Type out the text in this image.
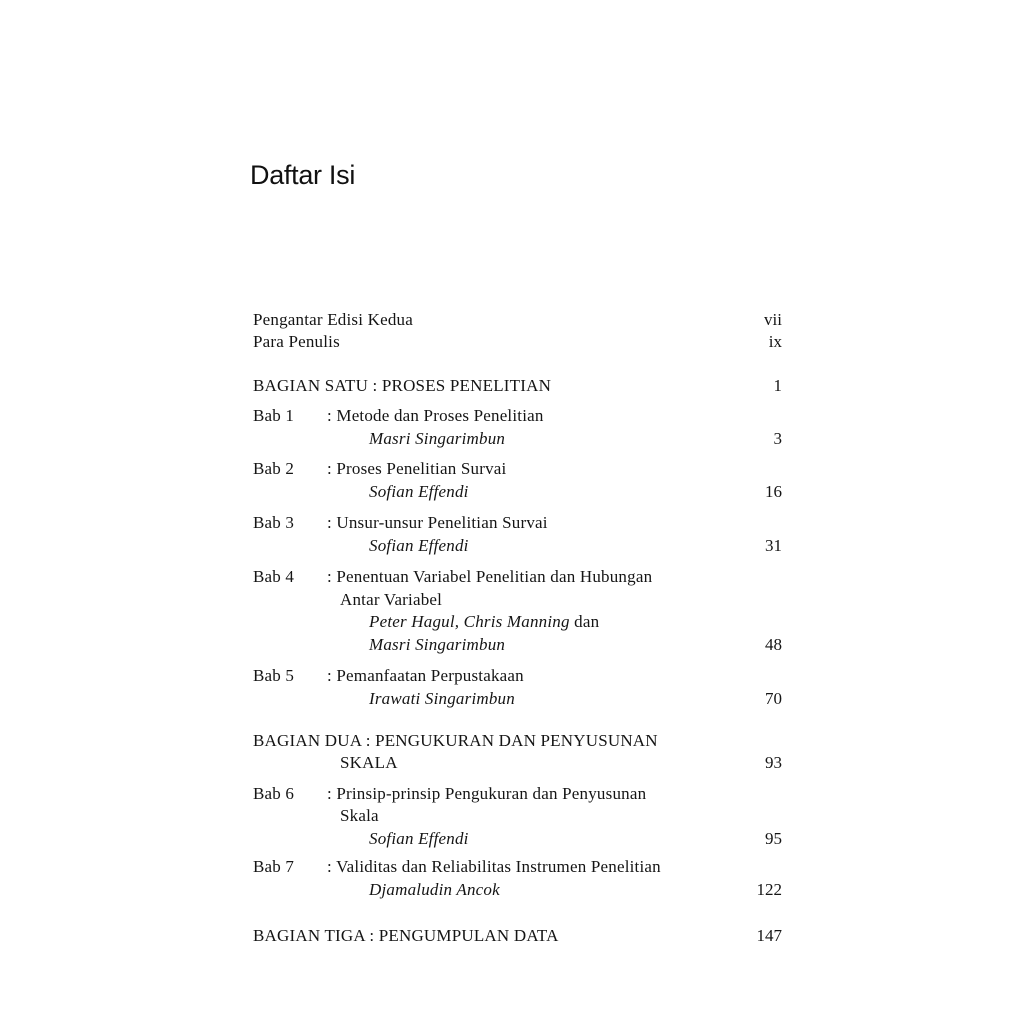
Daftar Isi
Pengantar Edisi Kedua	vii
Para Penulis	ix
BAGIAN SATU : PROSES PENELITIAN	1
Bab 1 : Metode dan Proses Penelitian
Masri Singarimbun	3
Bab 2 : Proses Penelitian Survai
Sofian Effendi	16
Bab 3 : Unsur-unsur Penelitian Survai
Sofian Effendi	31
Bab 4 : Penentuan Variabel Penelitian dan Hubungan
Antar Variabel
Peter Hagul, Chris Manning dan
Masri Singarimbun	48
Bab 5 : Pemanfaatan Perpustakaan
Irawati Singarimbun	70
BAGIAN DUA : PENGUKURAN DAN PENYUSUNAN
SKALA	93
Bab 6 : Prinsip-prinsip Pengukuran dan Penyusunan
Skala
Sofian Effendi	95
Bab 7 : Validitas dan Reliabilitas Instrumen Penelitian
Djamaludin Ancok	122
BAGIAN TIGA : PENGUMPULAN DATA	147
